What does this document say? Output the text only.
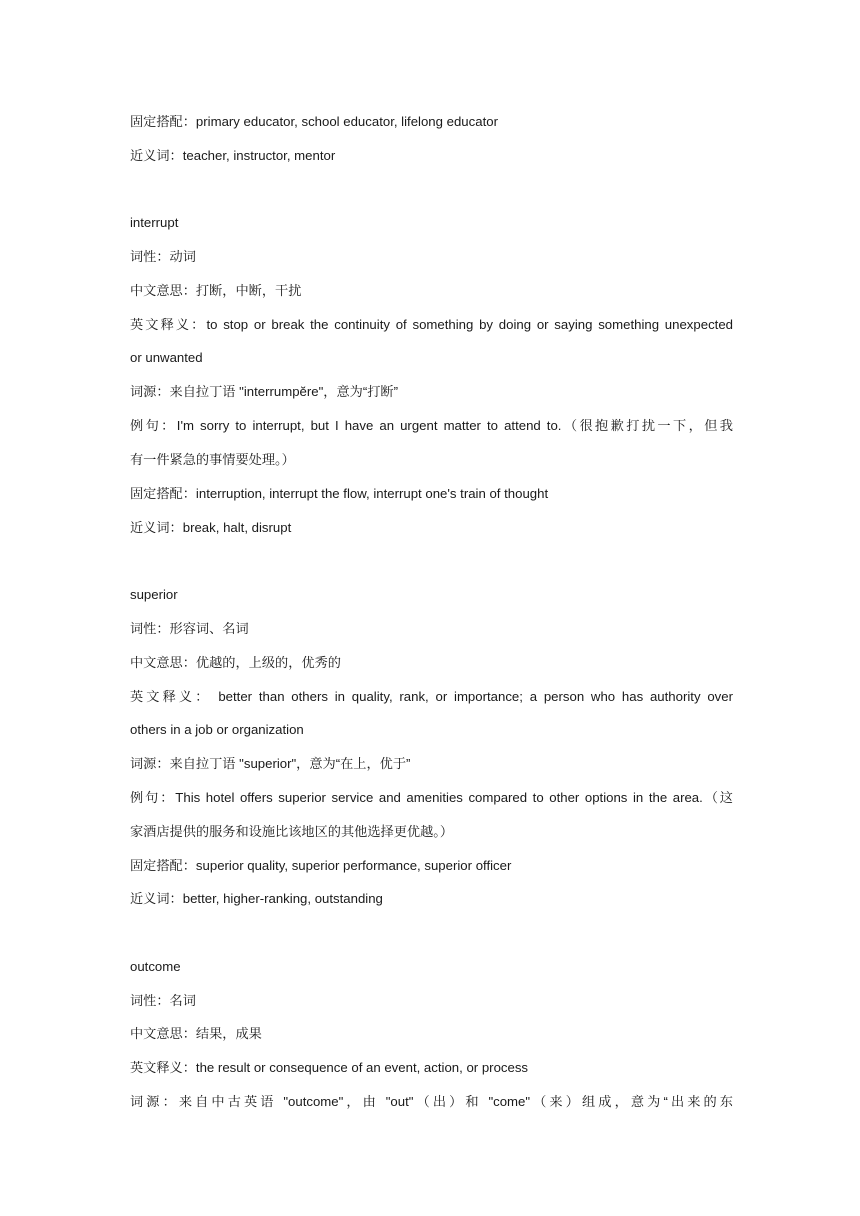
固定搭配：primary educator, school educator, lifelong educator
近义词：teacher, instructor, mentor
interrupt
词性：动词
中文意思：打断，中断，干扰
英文释义：to stop or break the continuity of something by doing or saying something unexpected
or unwanted
词源：来自拉丁语 "interrumpĕre"，意为“打断”
例句：I'm sorry to interrupt, but I have an urgent matter to attend to.（很抱歉打扰一下，但我
有一件紧急的事情要处理。）
固定搭配：interruption, interrupt the flow, interrupt one's train of thought
近义词：break, halt, disrupt
superior
词性：形容词、名词
中文意思：优越的，上级的，优秀的
英文释义： better than others in quality, rank, or importance; a person who has authority over
others in a job or organization
词源：来自拉丁语 "superior"，意为“在上，优于”
例句：This hotel offers superior service and amenities compared to other options in the area.（这
家酒店提供的服务和设施比该地区的其他选择更优越。）
固定搭配：superior quality, superior performance, superior officer
近义词：better, higher-ranking, outstanding
outcome
词性：名词
中文意思：结果，成果
英文释义：the result or consequence of an event, action, or process
词源：来自中古英语 "outcome"，由 "out"（出）和 "come"（来）组成，意为“出来的东
